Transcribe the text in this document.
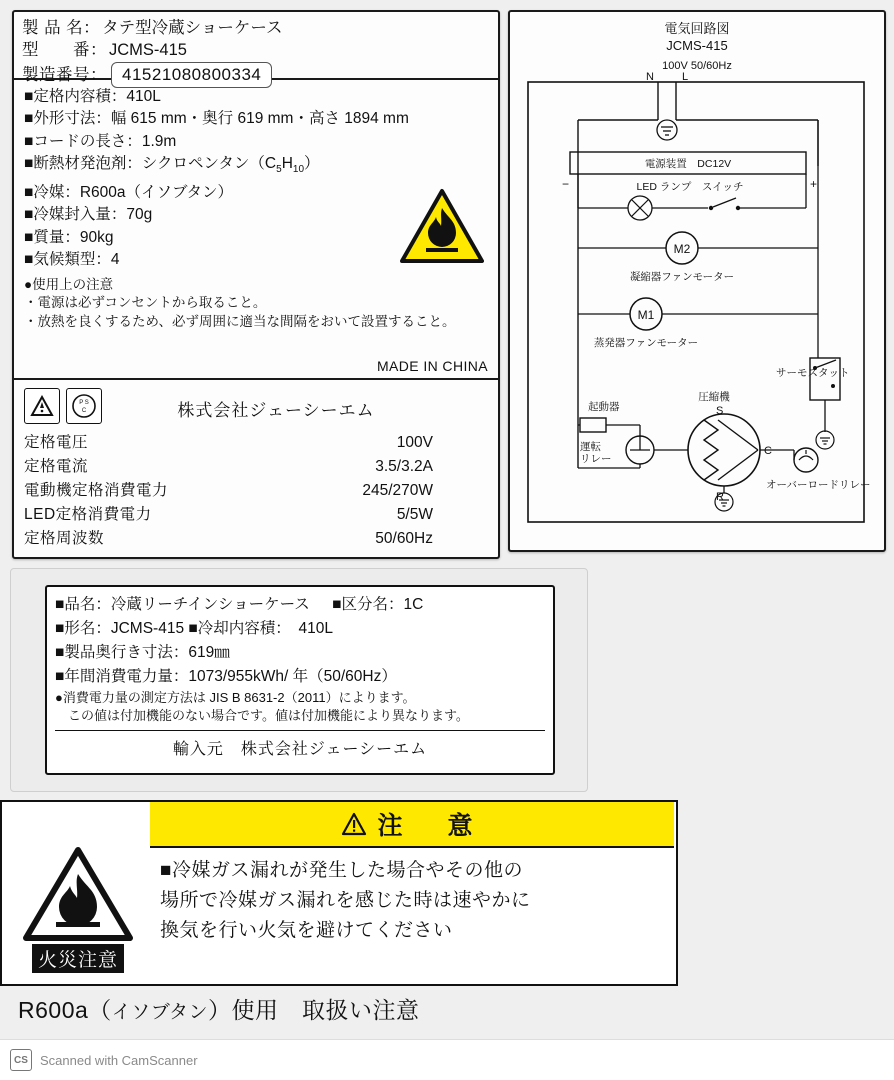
製 品 名： タテ型冷蔵ショーケース
型　　番： JCMS-415
製造番号： 41521080800334
■定格内容積：410L
■外形寸法：幅 615 mm・奥行 619 mm・高さ 1894 mm
■コードの長さ：1.9m
■断熱材発泡剤：シクロペンタン$(C_5H_{10})$
■冷媒：R600a（イソブタン）
■冷媒封入量：70g
■質量：90kg
■気候類型：4
●使用上の注意
・電源は必ずコンセントから取ること。
・放熱を良くするため、必ず周囲に適当な間隔をおいて設置すること。
MADE IN CHINA
P S
C	株式会社ジェーシーエム
定格電圧	100V
定格電流	3.5/3.2A
電動機定格消費電力	245/270W
LED定格消費電力	5/5W
定格周波数	50/60Hz
電気回路図
JCMS-415
100V 50/60Hz
N	L
電源装置　DC12V
−	+
LED ランプ　スイッチ
M2
凝縮器ファンモーター
M1
蒸発器ファンモーター
サーモスタット
S
C
R
圧縮機
起動器
運転
リレー
オーバーロードリレー
■品名：冷蔵リーチインショーケース ■区分名：1C
■形名：JCMS-415 ■冷却内容積：　410L
■製品奥行き寸法：619㎜
■年間消費電力量：1073/955kWh/ 年（50/60Hz）
●消費電力量の測定方法は JIS B 8631-2（2011）によります。
　この値は付加機能のない場合です。値は付加機能により異なります。
輸入元　株式会社ジェーシーエム
注　意
火災注意
■冷媒ガス漏れが発生した場合やその他の
場所で冷媒ガス漏れを感じた時は速やかに
換気を行い火気を避けてください
R600a（イソブタン）使用　取扱い注意
CS Scanned with CamScanner
